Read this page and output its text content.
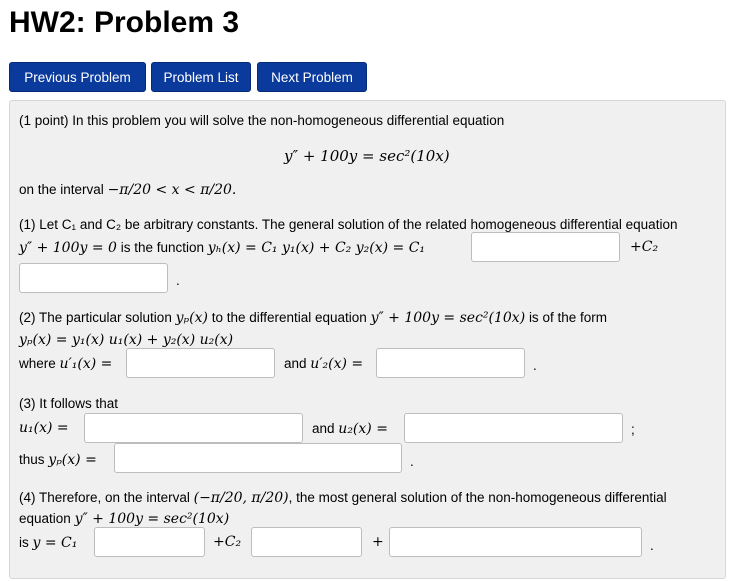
HW2: Problem 3
Previous Problem	Problem List	Next Problem
(1 point) In this problem you will solve the non-homogeneous differential equation
y″ + 100y = sec²(10x)
on the interval −π/20 < x < π/20.
(1) Let C₁ and C₂ be arbitrary constants. The general solution of the related homogeneous differential equation
y″ + 100y = 0 is the function yₕ(x) = C₁ y₁(x) + C₂ y₂(x) = C₁	+C₂
.
(2) The particular solution yₚ(x) to the differential equation y″ + 100y = sec²(10x) is of the form
yₚ(x) = y₁(x) u₁(x) + y₂(x) u₂(x)
where u′₁(x) =	and u′₂(x) =	.
(3) It follows that
u₁(x) =	and u₂(x) =	;
thus yₚ(x) =	.
(4) Therefore, on the interval (−π/20, π/20), the most general solution of the non-homogeneous differential
equation y″ + 100y = sec²(10x)
is y = C₁	+C₂	+	.
